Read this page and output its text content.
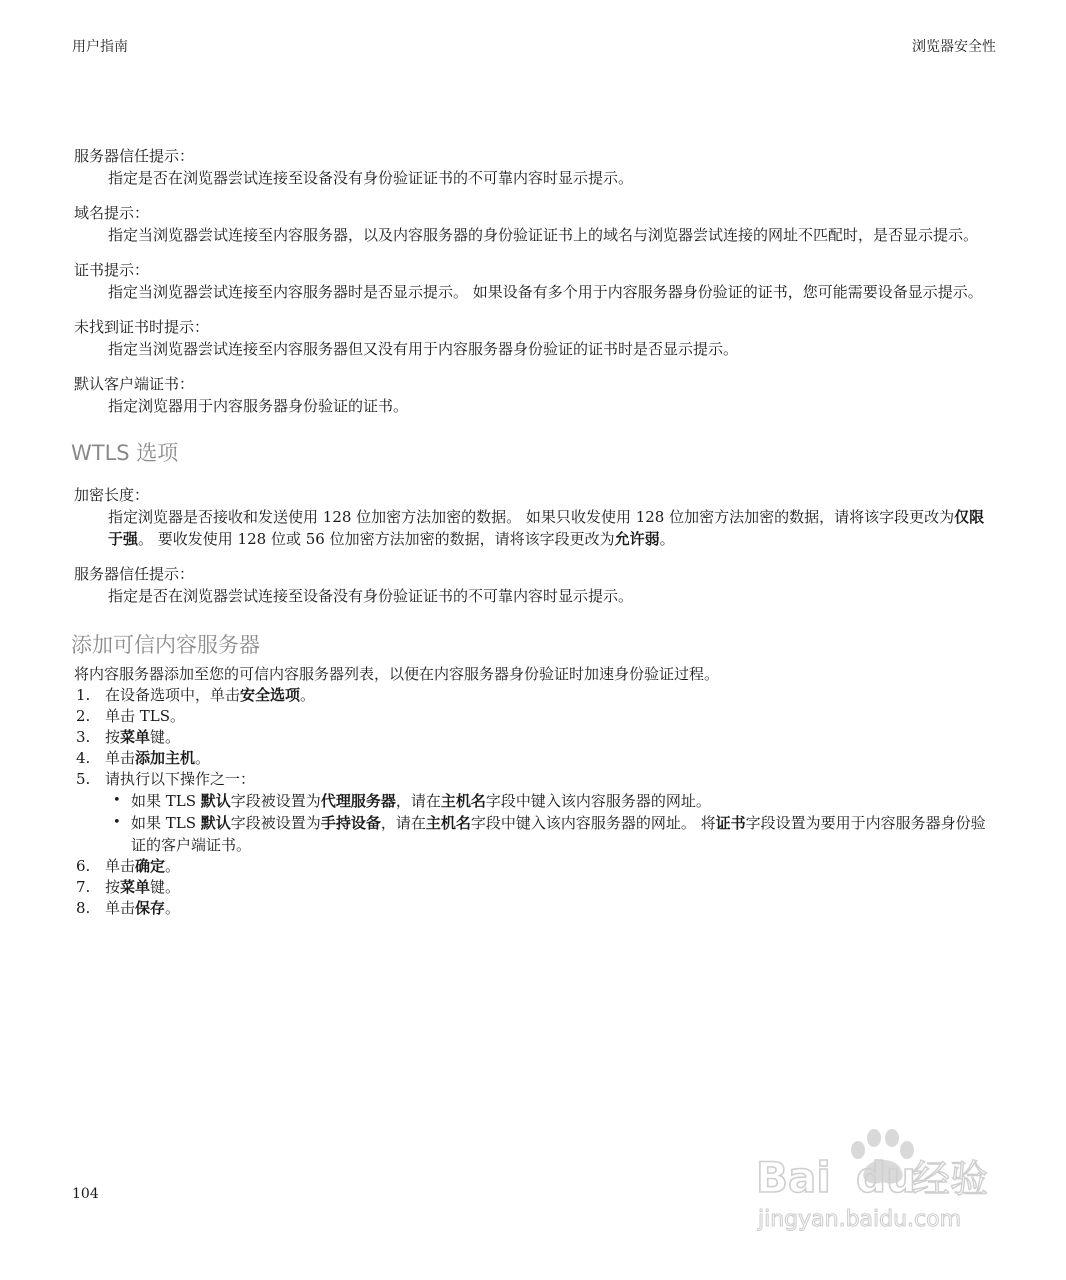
用户指南	浏览器安全性

服务器信任提示：

指定是否在浏览器尝试连接至设备没有身份验证证书的不可靠内容时显示提示。

域名提示：

指定当浏览器尝试连接至内容服务器，以及内容服务器的身份验证证书上的域名与浏览器尝试连接的网址不匹配时，是否显示提示。

证书提示：

指定当浏览器尝试连接至内容服务器时是否显示提示。 如果设备有多个用于内容服务器身份验证的证书，您可能需要设备显示提示。

未找到证书时提示：

指定当浏览器尝试连接至内容服务器但又没有用于内容服务器身份验证的证书时是否显示提示。

默认客户端证书：

指定浏览器用于内容服务器身份验证的证书。

WTLS 选项

加密长度：

指定浏览器是否接收和发送使用 128 位加密方法加密的数据。 如果只收发使用 128 位加密方法加密的数据，请将该字段更改为仅限于强。 要收发使用 128 位或 56 位加密方法加密的数据，请将该字段更改为允许弱。

服务器信任提示：

指定是否在浏览器尝试连接至设备没有身份验证证书的不可靠内容时显示提示。

添加可信内容服务器

将内容服务器添加至您的可信内容服务器列表，以便在内容服务器身份验证时加速身份验证过程。

1. 在设备选项中，单击安全选项。
2. 单击 TLS。
3. 按菜单键。
4. 单击添加主机。
5. 请执行以下操作之一：
• 如果 TLS 默认字段被设置为代理服务器，请在主机名字段中键入该内容服务器的网址。
• 如果 TLS 默认字段被设置为手持设备，请在主机名字段中键入该内容服务器的网址。 将证书字段设置为要用于内容服务器身份验证的客户端证书。
6. 单击确定。
7. 按菜单键。
8. 单击保存。
104	Bai du
经验
jingyan.baidu.com
